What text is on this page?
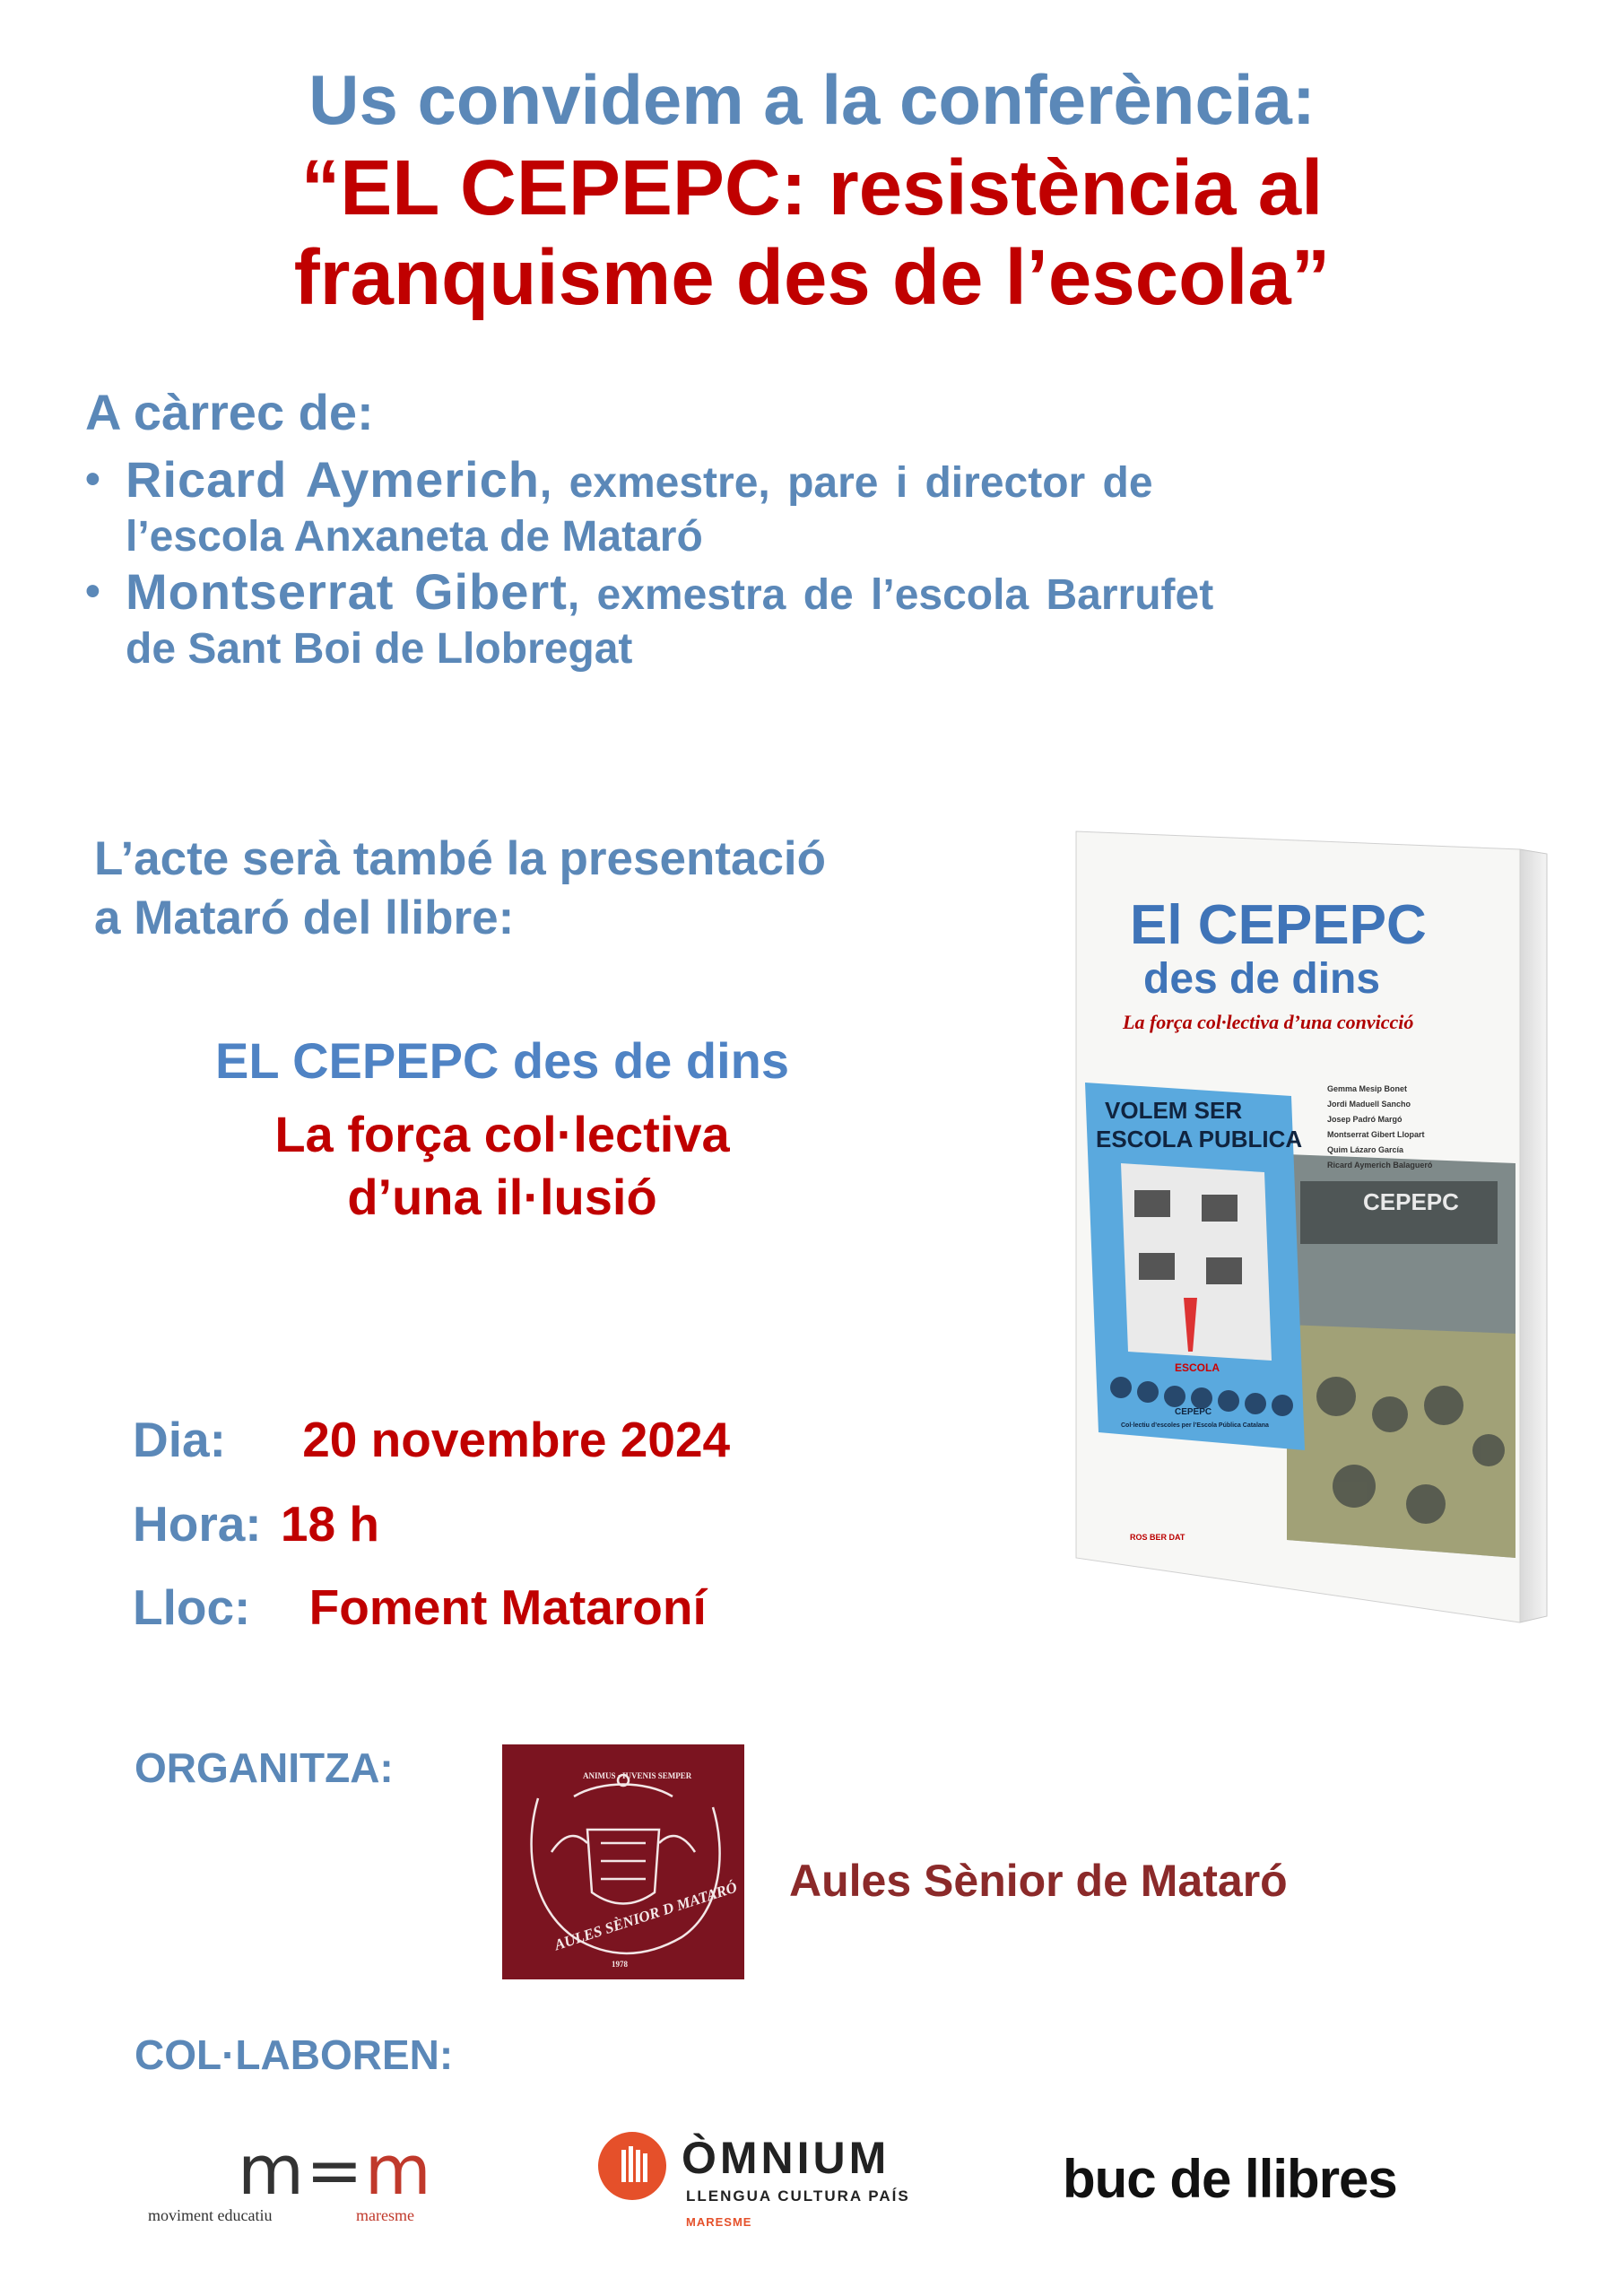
Us convidem a la conferència:
“EL CEPEPC: resistència al
franquisme des de l’escola”
A càrrec de:
• Ricard Aymerich, exmestre, pare i director de
l’escola Anxaneta de Mataró
• Montserrat Gibert, exmestra de l’escola Barrufet
de Sant Boi de Llobregat
L’acte serà també la presentació
a Mataró del llibre:
EL CEPEPC des de dins
La força col·lectiva
d’una il·lusió	CEPEPC
VOLEM SER
ESCOLA PUBLICA
ESCOLA
CEPEPC
Col·lectiu d’escoles per l’Escola Pública Catalana
El CEPEPC
des de dins
La força col·lectiva d’una convicció
Gemma Mesip Bonet
Jordi Maduell Sancho
Josep Padró Margó
Montserrat Gibert Llopart
Quim Lázaro García
Ricard Aymerich Balagueró
ROS BER DAT
Dia: 20 novembre 2024
Hora: 18 h
Lloc: Foment Mataroní
ORGANITZA:	ANIMUS · IUVENIS SEMPER
AULES SÈNIOR D MATARÓ
1978
Aules Sènior de Mataró
COL·LABOREN:
m=m
moviment educatiu	maresme
ÒMNIUM
LLENGUA CULTURA PAÍS
MARESME
buc de llibres
